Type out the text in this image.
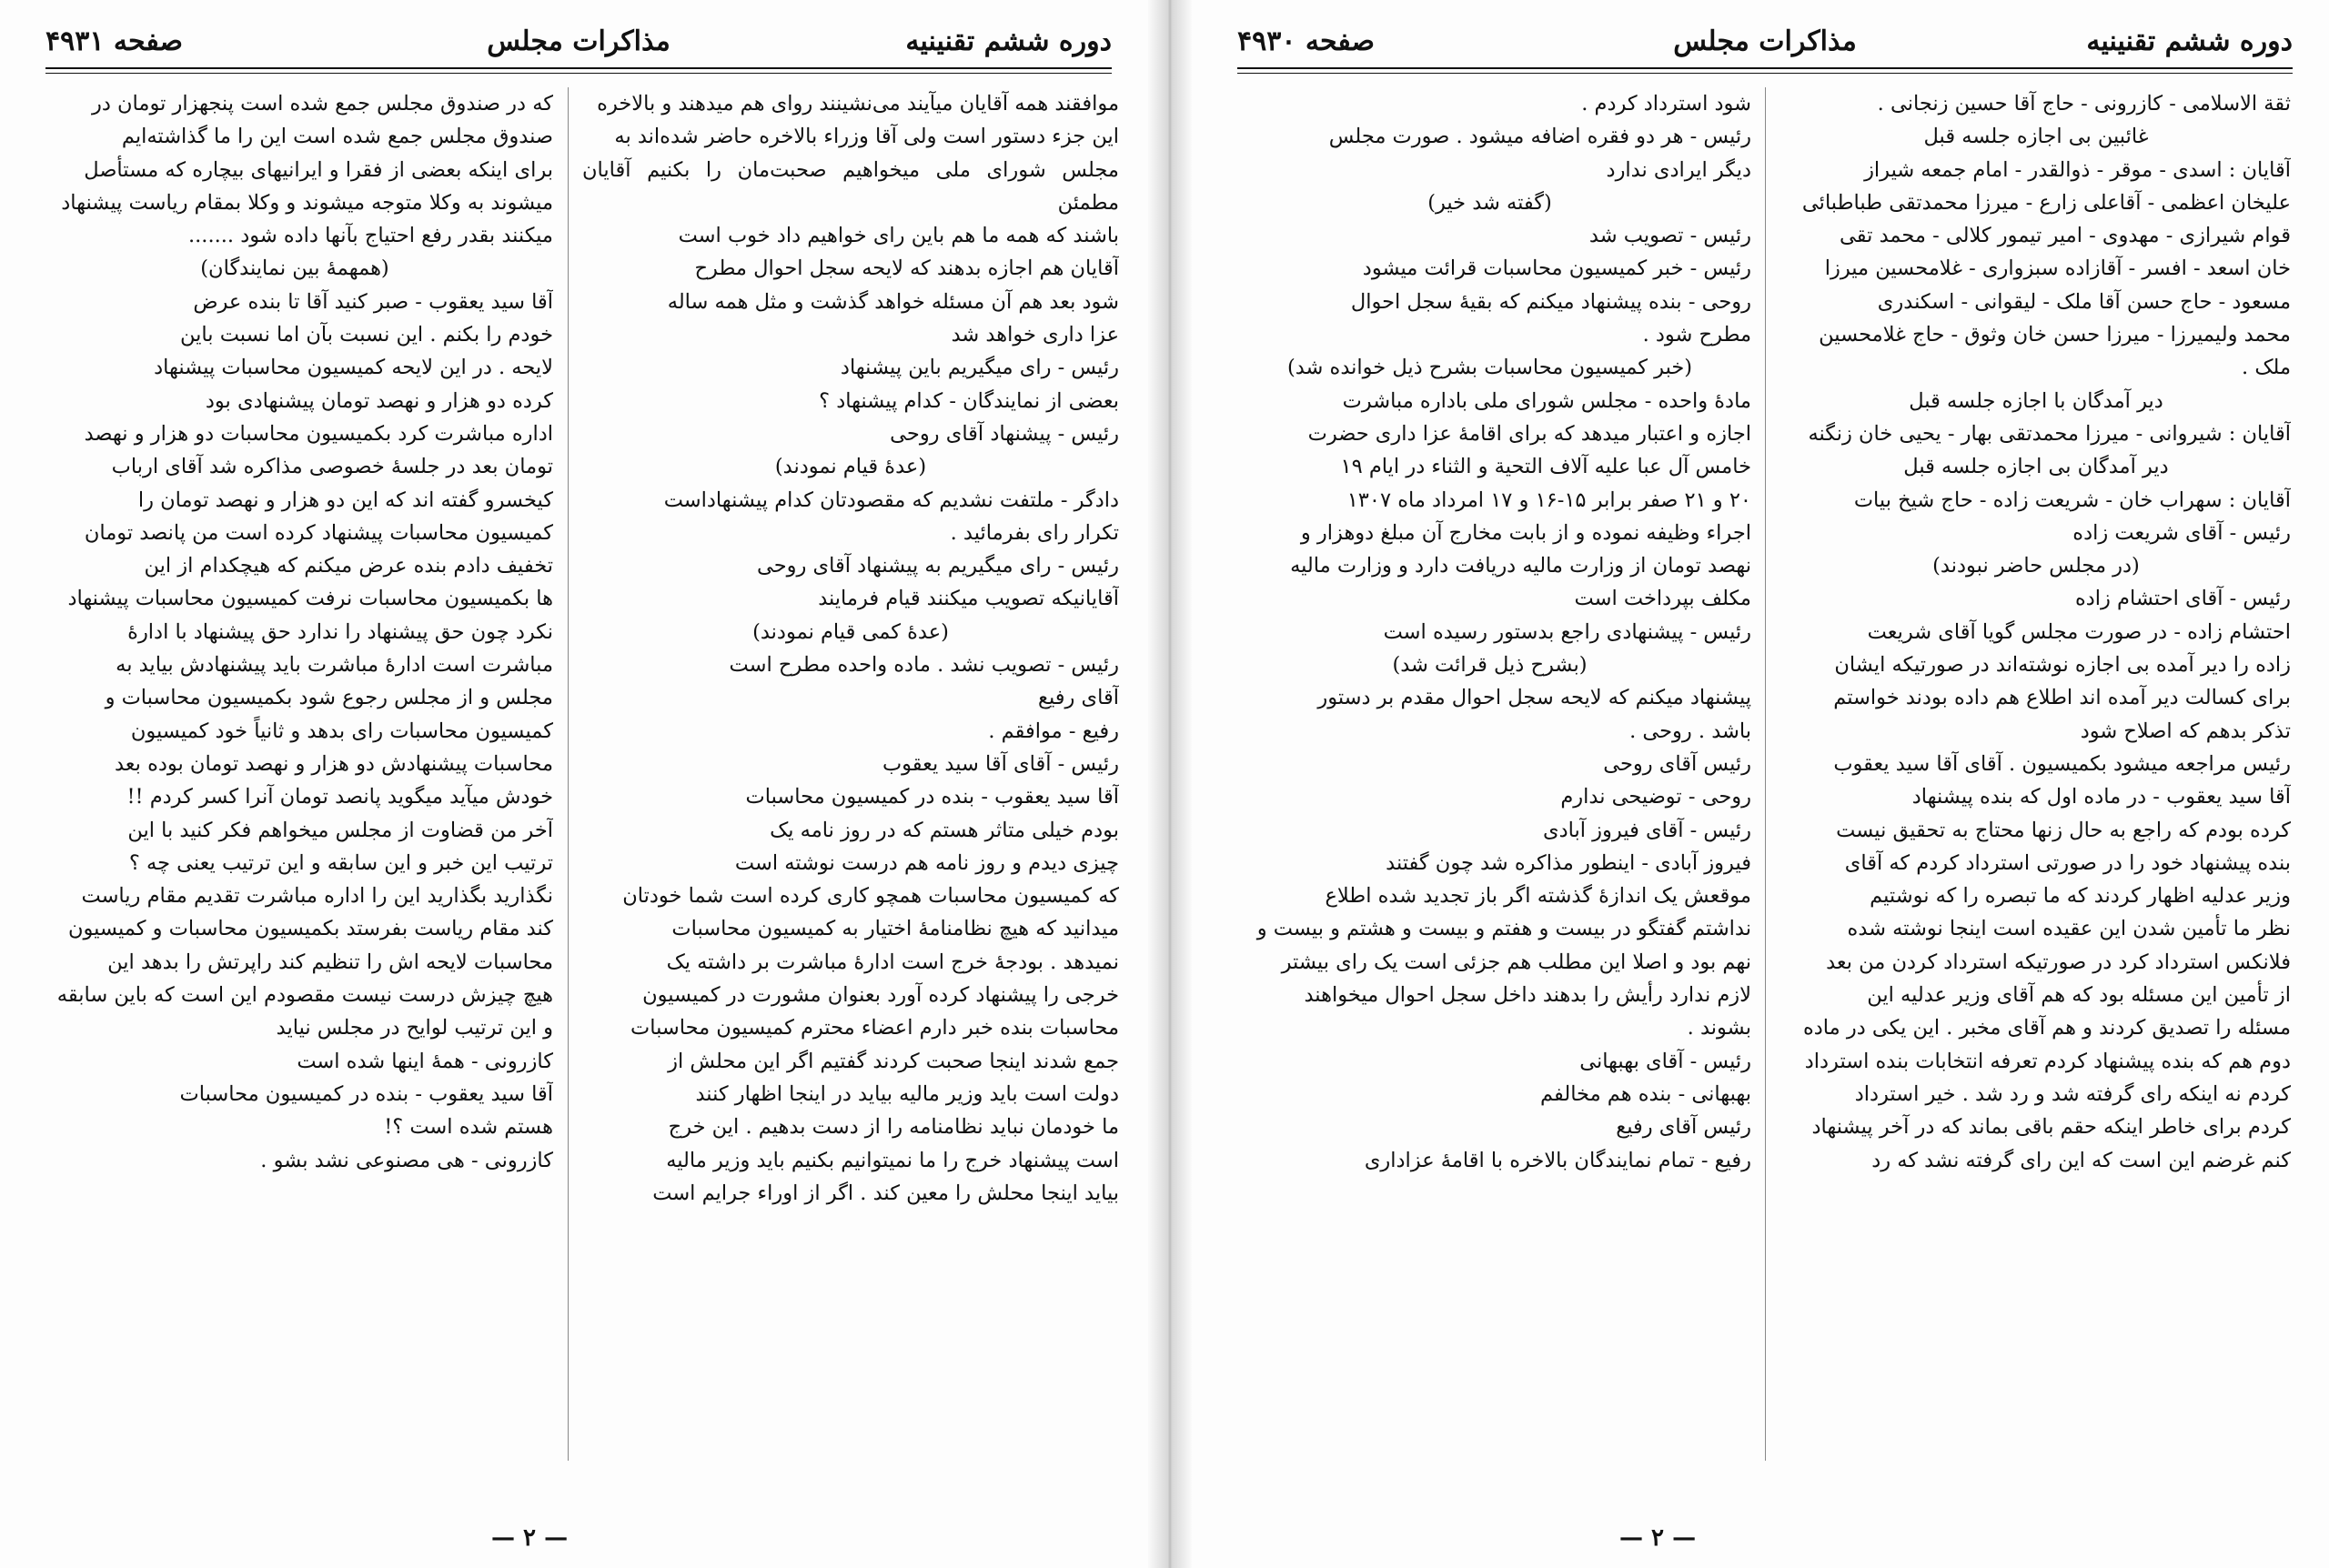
دوره ششم تقنینیه
مذاکرات مجلس
صفحه ۴۹۳۱

موافقند همه آقایان میآیند می‌نشینند روای هم میدهند و بالاخره

این جزء دستور است ولی آقا وزراء بالاخره حاضر شده‌اند به

مجلس شورای ملی میخواهیم صحبت‌مان را بکنیم آقایان مطمئن

باشند که همه ما هم باین رای خواهیم داد خوب است

آقایان هم اجازه بدهند که لایحه سجل احوال مطرح

شود بعد هم آن مسئله خواهد گذشت و مثل همه ساله

عزا داری خواهد شد

رئیس - رای میگیریم باین پیشنهاد

بعضی از نمایندگان - کدام پیشنهاد ؟

رئیس - پیشنهاد آقای روحی

(عدهٔ قیام نمودند)

دادگر - ملتفت نشدیم که مقصودتان کدام پیشنهاداست

تکرار رای بفرمائید .

رئیس - رای میگیریم به پیشنهاد آقای روحی

آقایانیکه تصویب میکنند قیام فرمایند

(عدهٔ کمی قیام نمودند)

رئیس - تصویب نشد . ماده واحده مطرح است

آقای رفیع

رفیع - موافقم .

رئیس - آقای آقا سید یعقوب

آقا سید یعقوب - بنده در کمیسیون محاسبات

بودم خیلی متاثر هستم که در روز نامه یک

چیزی دیدم و روز نامه هم درست نوشته است

که کمیسیون محاسبات همچو کاری کرده است شما خودتان

میدانید که هیچ نظامنامهٔ اختیار به کمیسیون محاسبات

نمیدهد . بودجهٔ خرج است ادارهٔ مباشرت بر داشته یک

خرجی را پیشنهاد کرده آورد بعنوان مشورت در کمیسیون

محاسبات بنده خبر دارم اعضاء محترم کمیسیون محاسبات

جمع شدند اینجا صحبت کردند گفتیم اگر این محلش از

دولت است باید وزیر مالیه بیاید در اینجا اظهار کنند

ما خودمان نباید نظامنامه را از دست بدهیم . این خرج

است پیشنهاد خرج را ما نمیتوانیم بکنیم باید وزیر مالیه

بیاید اینجا محلش را معین کند . اگر از اوراء جرایم است

که در صندوق مجلس جمع شده است پنجهزار تومان در

صندوق مجلس جمع شده است این را ما گذاشته‌ایم

برای اینکه بعضی از فقرا و ایرانیهای بیچاره که مستأصل

میشوند به وکلا متوجه میشوند و وکلا بمقام ریاست پیشنهاد

میکنند بقدر رفع احتیاج بآنها داده شود .......

(همهمهٔ بین نمایندگان)

آقا سید یعقوب - صبر کنید آقا تا بنده عرض

خودم را بکنم . این نسبت بآن اما نسبت باین

لایحه . در این لایحه کمیسیون محاسبات پیشنهاد

کرده دو هزار و نهصد تومان پیشنهادی بود

اداره مباشرت کرد بکمیسیون محاسبات دو هزار و نهصد

تومان بعد در جلسهٔ خصوصی مذاکره شد آقای ارباب

کیخسرو گفته اند که این دو هزار و نهصد تومان را

کمیسیون محاسبات پیشنهاد کرده است من پانصد تومان

تخفیف دادم بنده عرض میکنم که هیچکدام از این

ها بکمیسیون محاسبات نرفت کمیسیون محاسبات پیشنهاد

نکرد چون حق پیشنهاد را ندارد حق پیشنهاد با ادارهٔ

مباشرت است ادارهٔ مباشرت باید پیشنهادش بیاید به

مجلس و از مجلس رجوع شود بکمیسیون محاسبات و

کمیسیون محاسبات رای بدهد و ثانیاً خود کمیسیون

محاسبات پیشنهادش دو هزار و نهصد تومان بوده بعد

خودش میآید میگوید پانصد تومان آنرا کسر کردم !!

آخر من قضاوت از مجلس میخواهم فکر کنید با این

ترتیب این خبر و این سابقه و این ترتیب یعنی چه ؟

نگذارید بگذارید این را اداره مباشرت تقدیم مقام ریاست

کند مقام ریاست بفرستد بکمیسیون محاسبات و کمیسیون

محاسبات لایحه اش را تنظیم کند راپرتش را بدهد این

هیچ چیزش درست نیست مقصودم این است که باین سابقه

و این ترتیب لوایح در مجلس نیاید

کازرونی - همهٔ اینها شده است

آقا سید یعقوب - بنده در کمیسیون محاسبات

هستم شده است ؟!

کازرونی - هی مصنوعی نشد بشو .

— ۲ —
دوره ششم تقنینیه
مذاکرات مجلس
صفحه ۴۹۳۰

ثقة الاسلامی - کازرونی - حاج آقا حسین زنجانی .

غائبین بی اجازه جلسه قبل

آقایان : اسدی - موقر - ذوالقدر - امام جمعه شیراز

علیخان اعظمی - آقاعلی زارع - میرزا محمدتقی طباطبائی

قوام شیرازی - مهدوی - امیر تیمور کلالی - محمد تقی

خان اسعد - افسر - آقازاده سبزواری - غلامحسین میرزا

مسعود - حاج حسن آقا ملک - لیقوانی - اسکندری

محمد ولیمیرزا - میرزا حسن خان وثوق - حاج غلامحسین

ملک .

دیر آمدگان با اجازه جلسه قبل

آقایان : شیروانی - میرزا محمدتقی بهار - یحیی خان زنگنه

دیر آمدگان بی اجازه جلسه قبل

آقایان : سهراب خان - شریعت زاده - حاج شیخ بیات

رئیس - آقای شریعت زاده

(در مجلس حاضر نبودند)

رئیس - آقای احتشام زاده

احتشام زاده - در صورت مجلس گویا آقای شریعت

زاده را دیر آمده بی اجازه نوشته‌اند در صورتیکه ایشان

برای کسالت دیر آمده اند اطلاع هم داده بودند خواستم

تذکر بدهم که اصلاح شود

رئیس مراجعه میشود بکمیسیون . آقای آقا سید یعقوب

آقا سید یعقوب - در ماده اول که بنده پیشنهاد

کرده بودم که راجع به حال زنها محتاج به تحقیق نیست

بنده پیشنهاد خود را در صورتی استرداد کردم که آقای

وزیر عدلیه اظهار کردند که ما تبصره را که نوشتیم

نظر ما تأمین شدن این عقیده است اینجا نوشته شده

فلانکس استرداد کرد در صورتیکه استرداد کردن من بعد

از تأمین این مسئله بود که هم آقای وزیر عدلیه این

مسئله را تصدیق کردند و هم آقای مخبر . این یکی در ماده

دوم هم که بنده پیشنهاد کردم تعرفه انتخابات بنده استرداد

کردم نه اینکه رای گرفته شد و رد شد . خیر استرداد

کردم برای خاطر اینکه حقم باقی بماند که در آخر پیشنهاد

کنم غرضم این است که این رای گرفته نشد که رد

شود استرداد کردم .

رئیس - هر دو فقره اضافه میشود . صورت مجلس

دیگر ایرادی ندارد

(گفته شد خیر)

رئیس - تصویب شد

رئیس - خبر کمیسیون محاسبات قرائت میشود

روحی - بنده پیشنهاد میکنم که بقیهٔ سجل احوال

مطرح شود .

(خبر کمیسیون محاسبات بشرح ذیل خوانده شد)

مادهٔ واحده - مجلس شورای ملی باداره مباشرت

اجازه و اعتبار میدهد که برای اقامهٔ عزا داری حضرت

خامس آل عبا علیه آلاف التحیة و الثناء در ایام ۱۹

۲۰ و ۲۱ صفر برابر ۱۵-۱۶ و ۱۷ امرداد ماه ۱۳۰۷

اجراء وظیفه نموده و از بابت مخارج آن مبلغ دوهزار و

نهصد تومان از وزارت مالیه دریافت دارد و وزارت مالیه

مکلف بپرداخت است

رئیس - پیشنهادی راجع بدستور رسیده است

(بشرح ذیل قرائت شد)

پیشنهاد میکنم که لایحه سجل احوال مقدم بر دستور

باشد . روحی .

رئیس آقای روحی

روحی - توضیحی ندارم

رئیس - آقای فیروز آبادی

فیروز آبادی - اینطور مذاکره شد چون گفتند

موقعش یک اندازهٔ گذشته اگر باز تجدید شده اطلاع

نداشتم گفتگو در بیست و هفتم و بیست و هشتم و بیست و

نهم بود و اصلا این مطلب هم جزئی است یک رای بیشتر

لازم ندارد رأیش را بدهند داخل سجل احوال میخواهند

بشوند .

رئیس - آقای بهبهانی

بهبهانی - بنده هم مخالفم

رئیس آقای رفیع

رفیع - تمام نمایندگان بالاخره با اقامهٔ عزاداری

— ۲ —
